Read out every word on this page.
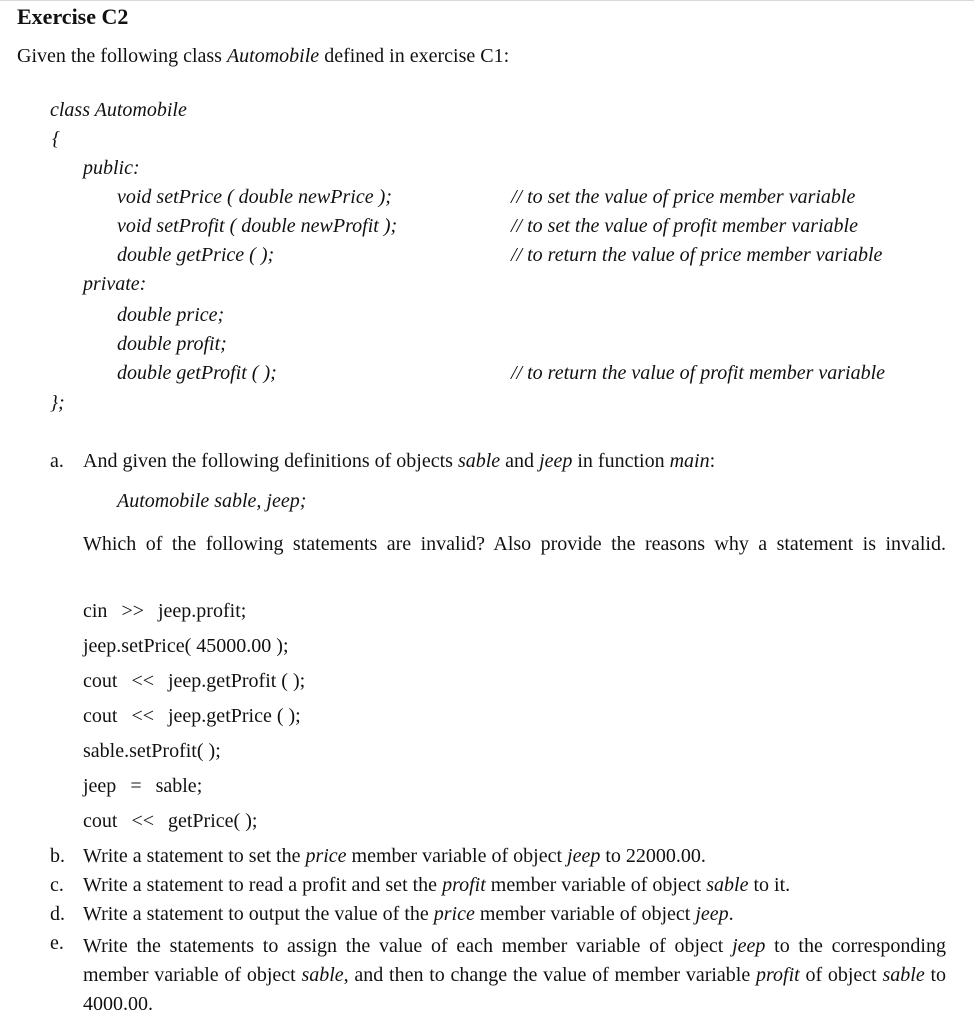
Exercise C2
Given the following class Automobile defined in exercise C1:
class Automobile
{
public:
void setPrice ( double newPrice );	// to set the value of price member variable
void setProfit ( double newProfit );	// to set the value of profit member variable
double getPrice ( );	// to return the value of price member variable
private:
double price;
double profit;
double getProfit ( );	// to return the value of profit member variable
};
a. And given the following definitions of objects sable and jeep in function main:
Automobile sable, jeep;
Which of the following statements are invalid? Also provide the reasons why a statement is invalid.
cin >> jeep.profit;
jeep.setPrice( 45000.00 );
cout << jeep.getProfit ( );
cout << jeep.getPrice ( );
sable.setProfit( );
jeep = sable;
cout << getPrice( );
b. Write a statement to set the price member variable of object jeep to 22000.00.
c. Write a statement to read a profit and set the profit member variable of object sable to it.
d. Write a statement to output the value of the price member variable of object jeep.
e. Write the statements to assign the value of each member variable of object jeep to the corresponding member variable of object sable, and then to change the value of member variable profit of object sable to 4000.00.
